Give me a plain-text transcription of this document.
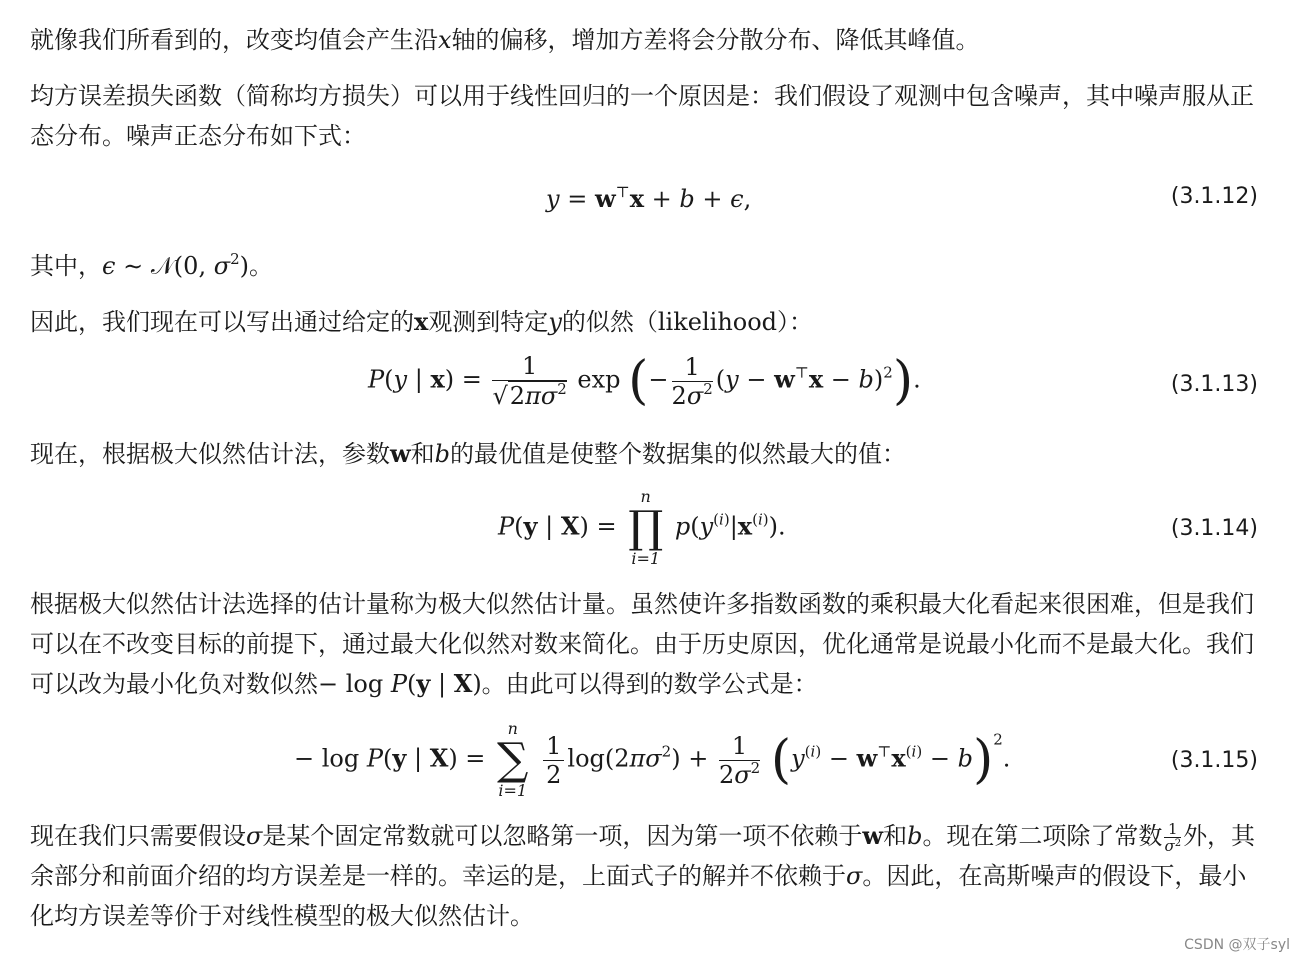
就像我们所看到的，改变均值会产生沿x轴的偏移，增加方差将会分散分布、降低其峰值。

均方误差损失函数（简称均方损失）可以用于线性回归的一个原因是：我们假设了观测中包含噪声，其中噪声服从正态分布。噪声正态分布如下式：

y = w⊤x + b + ϵ,	(3.1.12)

其中，ϵ ∼ 𝒩(0, $\sigma^2$)。

因此，我们现在可以写出通过给定的x观测到特定y的似然（likelihood）：

P(y | $x) = \frac{1}{√2\pi\sigma^2}$ exp (− $\frac{1}{2\sigma^2} (y - w^⊤x - b)^2$).	(3.1.13)

现在，根据极大似然估计法，参数w和b的最优值是使整个数据集的似然最大的值：

P(y | X) =
n
∏
i=1
$p(y^{(i)}|x^{(i)})$.	(3.1.14)

根据极大似然估计法选择的估计量称为极大似然估计量。虽然使许多指数函数的乘积最大化看起来很困难，但是我们可以在不改变目标的前提下，通过最大化似然对数来简化。由于历史原因，优化通常是说最小化而不是最大化。我们可以改为最小化负对数似然− log P(y | X)。由此可以得到的数学公式是：

− log P(y | X) =
n
∑
i=1

$\frac{1}{2} \log(2\pi\sigma^2) + \frac{1}{2\sigma^2} (y^{(i)} - w^⊤x^{(i)} - b)^2$.	(3.1.15)

现在我们只需要假设σ是某个固定常数就可以忽略第一项，因为第一项不依赖于w和b。现在第二项除了常数 $\frac{1}{\sigma^2}$ 外，其余部分和前面介绍的均方误差是一样的。幸运的是，上面式子的解并不依赖于σ。因此，在高斯噪声的假设下，最小化均方误差等价于对线性模型的极大似然估计。

CSDN @双子syl
